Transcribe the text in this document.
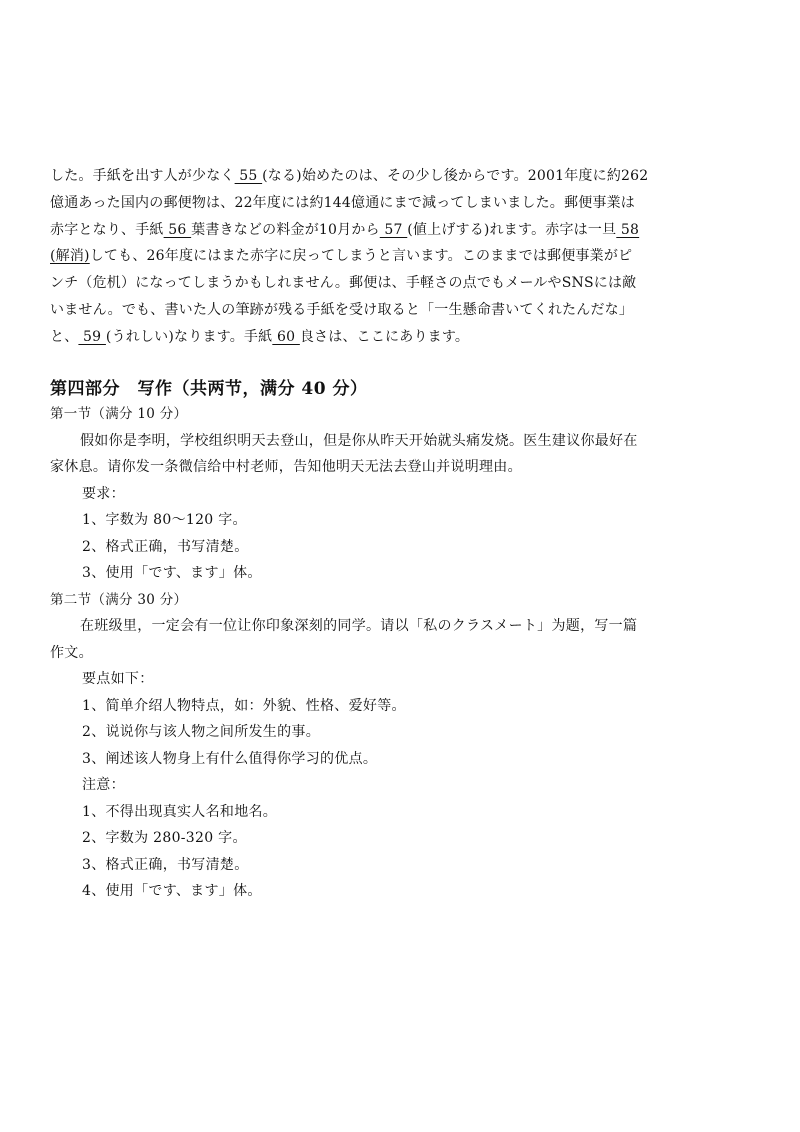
した。手紙を出す人が少なく 55 (なる)始めたのは、その少し後からです。2001年度に約262
億通あった国内の郵便物は、22年度には約144億通にまで減ってしまいました。郵便事業は
赤字となり、手紙 56 葉書きなどの料金が10月から 57 (値上げする)れます。赤字は一旦 58
(解消)しても、26年度にはまた赤字に戻ってしまうと言います。このままでは郵便事業がピ
ンチ（危机）になってしまうかもしれません。郵便は、手軽さの点でもメールやSNSには敵
いません。でも、書いた人の筆跡が残る手紙を受け取ると「一生懸命書いてくれたんだな」
と、 59 (うれしい)なります。手紙 60 良さは、ここにあります。
第四部分　写作（共两节，满分 40 分）
第一节（满分 10 分）
假如你是李明，学校组织明天去登山，但是你从昨天开始就头痛发烧。医生建议你最好在
家休息。请你发一条微信给中村老师，告知他明天无法去登山并说明理由。
要求：
1、字数为 80～120 字。
2、格式正确，书写清楚。
3、使用「です、ます」体。
第二节（满分 30 分）
在班级里，一定会有一位让你印象深刻的同学。请以「私のクラスメート」为题，写一篇
作文。
要点如下：
1、简单介绍人物特点，如：外貌、性格、爱好等。
2、说说你与该人物之间所发生的事。
3、阐述该人物身上有什么值得你学习的优点。
注意：
1、不得出现真实人名和地名。
2、字数为 280-320 字。
3、格式正确，书写清楚。
4、使用「です、ます」体。
